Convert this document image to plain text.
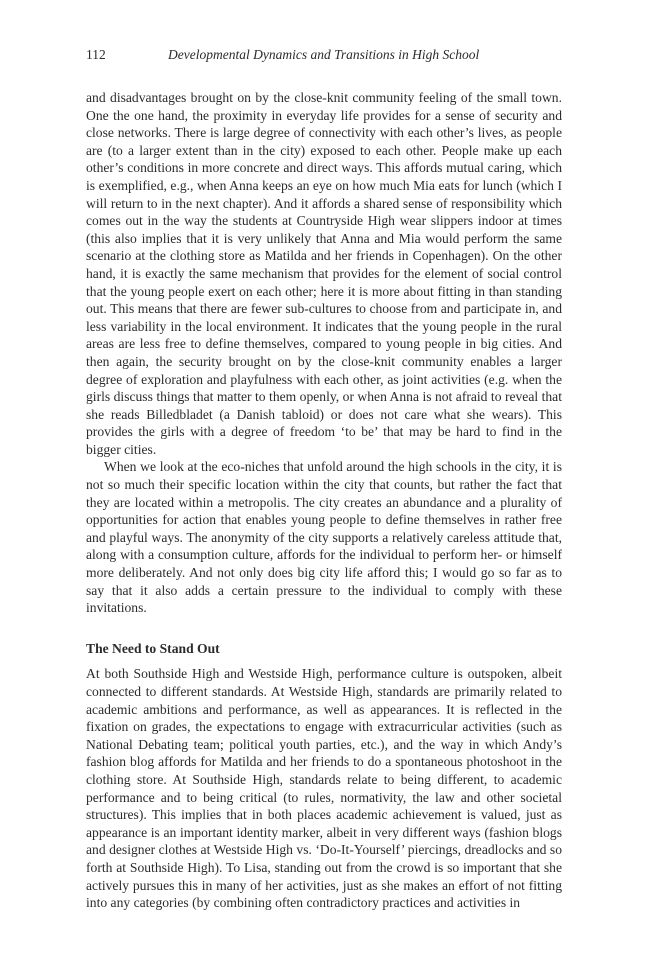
112	Developmental Dynamics and Transitions in High School

and disadvantages brought on by the close-knit community feeling of the small town. One the one hand, the proximity in everyday life provides for a sense of security and close networks. There is large degree of connectivity with each other’s lives, as people are (to a larger extent than in the city) exposed to each other. People make up each other’s conditions in more concrete and direct ways. This affords mutual caring, which is exemplified, e.g., when Anna keeps an eye on how much Mia eats for lunch (which I will return to in the next chapter). And it affords a shared sense of responsibility which comes out in the way the students at Countryside High wear slippers indoor at times (this also implies that it is very unlikely that Anna and Mia would perform the same scenario at the clothing store as Matilda and her friends in Copenhagen). On the other hand, it is exactly the same mechanism that provides for the element of social control that the young people exert on each other; here it is more about fitting in than standing out. This means that there are fewer sub-cultures to choose from and participate in, and less variability in the local environment. It indicates that the young people in the rural areas are less free to define themselves, compared to young people in big cities. And then again, the security brought on by the close-knit community enables a larger degree of exploration and playfulness with each other, as joint activities (e.g. when the girls discuss things that matter to them openly, or when Anna is not afraid to reveal that she reads Billedbladet (a Danish tabloid) or does not care what she wears). This provides the girls with a degree of freedom ‘to be’ that may be hard to find in the bigger cities.

When we look at the eco-niches that unfold around the high schools in the city, it is not so much their specific location within the city that counts, but rather the fact that they are located within a metropolis. The city creates an abundance and a plurality of opportunities for action that enables young people to define themselves in rather free and playful ways. The anonymity of the city supports a relatively careless attitude that, along with a consumption culture, affords for the individual to perform her- or himself more deliberately. And not only does big city life afford this; I would go so far as to say that it also adds a certain pressure to the individual to comply with these invitations.

The Need to Stand Out

At both Southside High and Westside High, performance culture is outspoken, albeit connected to different standards. At Westside High, standards are primarily related to academic ambitions and performance, as well as appearances. It is reflected in the fixation on grades, the expectations to engage with extracurricular activities (such as National Debating team; political youth parties, etc.), and the way in which Andy’s fashion blog affords for Matilda and her friends to do a spontaneous photoshoot in the clothing store. At Southside High, standards relate to being different, to academic performance and to being critical (to rules, normativity, the law and other societal structures). This implies that in both places academic achievement is valued, just as appearance is an important identity marker, albeit in very different ways (fashion blogs and designer clothes at Westside High vs. ‘Do-It-Yourself’ piercings, dreadlocks and so forth at Southside High). To Lisa, standing out from the crowd is so important that she actively pursues this in many of her activities, just as she makes an effort of not fitting into any categories (by combining often contradictory practices and activities in
